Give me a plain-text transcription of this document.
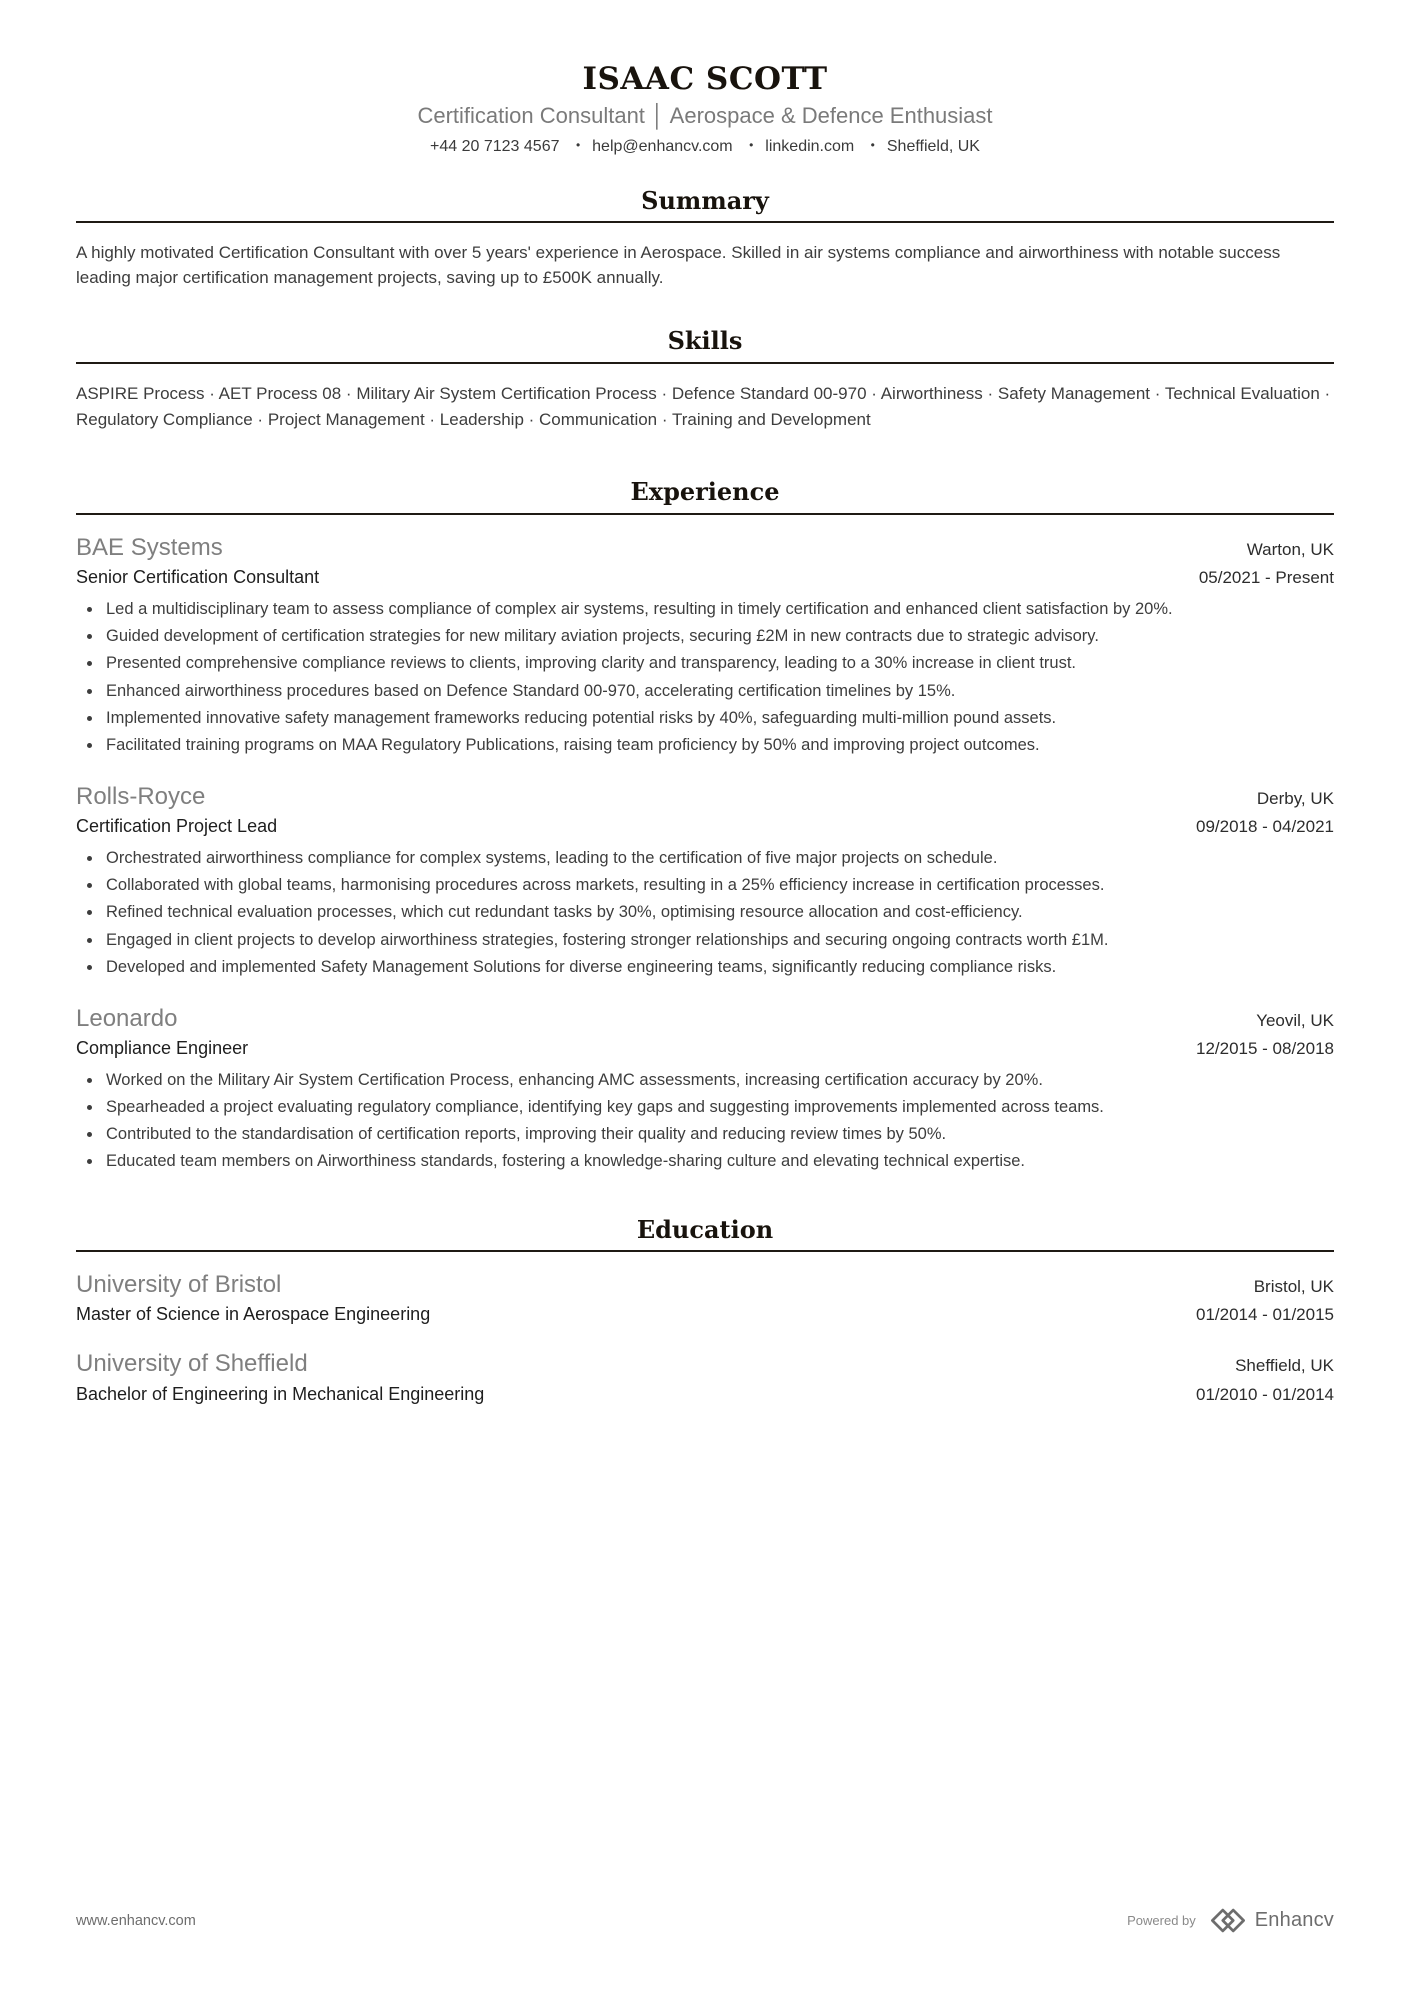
ISAAC SCOTT
Certification Consultant │ Aerospace & Defence Enthusiast
+44 20 7123 4567 • help@enhancv.com • linkedin.com • Sheffield, UK
Summary
A highly motivated Certification Consultant with over 5 years' experience in Aerospace. Skilled in air systems compliance and airworthiness with notable success leading major certification management projects, saving up to £500K annually.
Skills
ASPIRE Process · AET Process 08 · Military Air System Certification Process · Defence Standard 00-970 · Airworthiness · Safety Management · Technical Evaluation · Regulatory Compliance · Project Management · Leadership · Communication · Training and Development
Experience
BAE Systems	Warton, UK
Senior Certification Consultant	05/2021 - Present
• Led a multidisciplinary team to assess compliance of complex air systems, resulting in timely certification and enhanced client satisfaction by 20%.
• Guided development of certification strategies for new military aviation projects, securing £2M in new contracts due to strategic advisory.
• Presented comprehensive compliance reviews to clients, improving clarity and transparency, leading to a 30% increase in client trust.
• Enhanced airworthiness procedures based on Defence Standard 00-970, accelerating certification timelines by 15%.
• Implemented innovative safety management frameworks reducing potential risks by 40%, safeguarding multi-million pound assets.
• Facilitated training programs on MAA Regulatory Publications, raising team proficiency by 50% and improving project outcomes.
Rolls-Royce	Derby, UK
Certification Project Lead	09/2018 - 04/2021
• Orchestrated airworthiness compliance for complex systems, leading to the certification of five major projects on schedule.
• Collaborated with global teams, harmonising procedures across markets, resulting in a 25% efficiency increase in certification processes.
• Refined technical evaluation processes, which cut redundant tasks by 30%, optimising resource allocation and cost-efficiency.
• Engaged in client projects to develop airworthiness strategies, fostering stronger relationships and securing ongoing contracts worth £1M.
• Developed and implemented Safety Management Solutions for diverse engineering teams, significantly reducing compliance risks.
Leonardo	Yeovil, UK
Compliance Engineer	12/2015 - 08/2018
• Worked on the Military Air System Certification Process, enhancing AMC assessments, increasing certification accuracy by 20%.
• Spearheaded a project evaluating regulatory compliance, identifying key gaps and suggesting improvements implemented across teams.
• Contributed to the standardisation of certification reports, improving their quality and reducing review times by 50%.
• Educated team members on Airworthiness standards, fostering a knowledge-sharing culture and elevating technical expertise.
Education
University of Bristol	Bristol, UK
Master of Science in Aerospace Engineering	01/2014 - 01/2015
University of Sheffield	Sheffield, UK
Bachelor of Engineering in Mechanical Engineering	01/2010 - 01/2014
www.enhancv.com	Powered by	Enhancv
